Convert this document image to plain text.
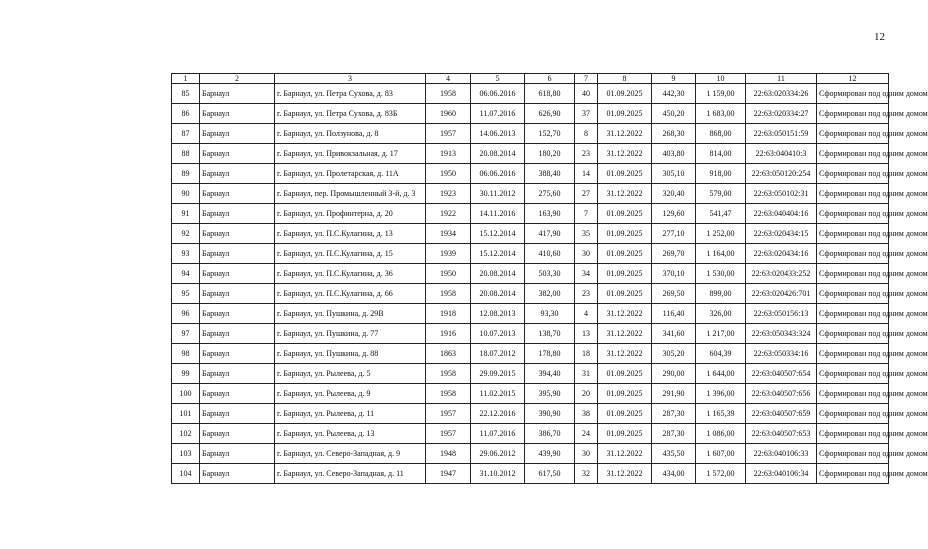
12
1	2	3	4	5	6	7	8	9	10	11	12
85	Барнаул	г. Барнаул, ул. Петра Сухова, д. 83	1958	06.06.2016	618,80	40	01.09.2025	442,30	1 159,00	22:63:020334:26	Сформирован под одним домом
86	Барнаул	г. Барнаул, ул. Петра Сухова, д. 83Б	1960	11.07.2016	626,90	37	01.09.2025	450,20	1 683,00	22:63:020334:27	Сформирован под одним домом
87	Барнаул	г. Барнаул, ул. Ползунова, д. 8	1957	14.06.2013	152,70	8	31.12.2022	268,30	868,00	22:63:050151:59	Сформирован под одним домом
88	Барнаул	г. Барнаул, ул. Привокзальная, д. 17	1913	20.08.2014	180,20	23	31.12.2022	403,80	814,00	22:63:040410:3	Сформирован под одним домом
89	Барнаул	г. Барнаул, ул. Пролетарская, д. 11А	1950	06.06.2016	388,40	14	01.09.2025	305,10	918,00	22:63:050120:254	Сформирован под одним домом
90	Барнаул	г. Барнаул, пер. Промышленный 3-й, д. 3	1923	30.11.2012	275,60	27	31.12.2022	320,40	579,00	22:63:050102:31	Сформирован под одним домом
91	Барнаул	г. Барнаул, ул. Профинтерна, д. 20	1922	14.11.2016	163,90	7	01.09.2025	129,60	541,47	22:63:040404:16	Сформирован под одним домом
92	Барнаул	г. Барнаул, ул. П.С.Кулагина, д. 13	1934	15.12.2014	417,90	35	01.09.2025	277,10	1 252,00	22:63:020434:15	Сформирован под одним домом
93	Барнаул	г. Барнаул, ул. П.С.Кулагина, д. 15	1939	15.12.2014	410,60	30	01.09.2025	269,70	1 164,00	22:63:020434:16	Сформирован под одним домом
94	Барнаул	г. Барнаул, ул. П.С.Кулагина, д. 36	1950	20.08.2014	503,30	34	01.09.2025	370,10	1 530,00	22:63:020433:252	Сформирован под одним домом
95	Барнаул	г. Барнаул, ул. П.С.Кулагина, д. 66	1958	20.08.2014	382,00	23	01.09.2025	269,50	899,00	22:63:020426:701	Сформирован под одним домом
96	Барнаул	г. Барнаул, ул. Пушкина, д. 29В	1918	12.08.2013	93,30	4	31.12.2022	116,40	326,00	22:63:050156:13	Сформирован под одним домом
97	Барнаул	г. Барнаул, ул. Пушкина, д. 77	1916	10.07.2013	138,70	13	31.12.2022	341,60	1 217,00	22:63:050343:324	Сформирован под одним домом
98	Барнаул	г. Барнаул, ул. Пушкина, д. 88	1863	18.07.2012	178,80	18	31.12.2022	305,20	604,39	22:63:050334:16	Сформирован под одним домом
99	Барнаул	г. Барнаул, ул. Рылеева, д. 5	1958	29.09.2015	394,40	31	01.09.2025	290,00	1 644,00	22:63:040507:654	Сформирован под одним домом
100	Барнаул	г. Барнаул, ул. Рылеева, д. 9	1958	11.02.2015	395,90	20	01.09.2025	291,90	1 396,00	22:63:040507:656	Сформирован под одним домом
101	Барнаул	г. Барнаул, ул. Рылеева, д. 11	1957	22.12.2016	390,90	38	01.09.2025	287,30	1 165,39	22:63:040507:659	Сформирован под одним домом
102	Барнаул	г. Барнаул, ул. Рылеева, д. 13	1957	11.07.2016	386,70	24	01.09.2025	287,30	1 086,00	22:63:040507:653	Сформирован под одним домом
103	Барнаул	г. Барнаул, ул. Северо-Западная, д. 9	1948	29.06.2012	439,90	30	31.12.2022	435,50	1 607,00	22:63:040106:33	Сформирован под одним домом
104	Барнаул	г. Барнаул, ул. Северо-Западная, д. 11	1947	31.10.2012	617,50	32	31.12.2022	434,00	1 572,00	22:63:040106:34	Сформирован под одним домом
